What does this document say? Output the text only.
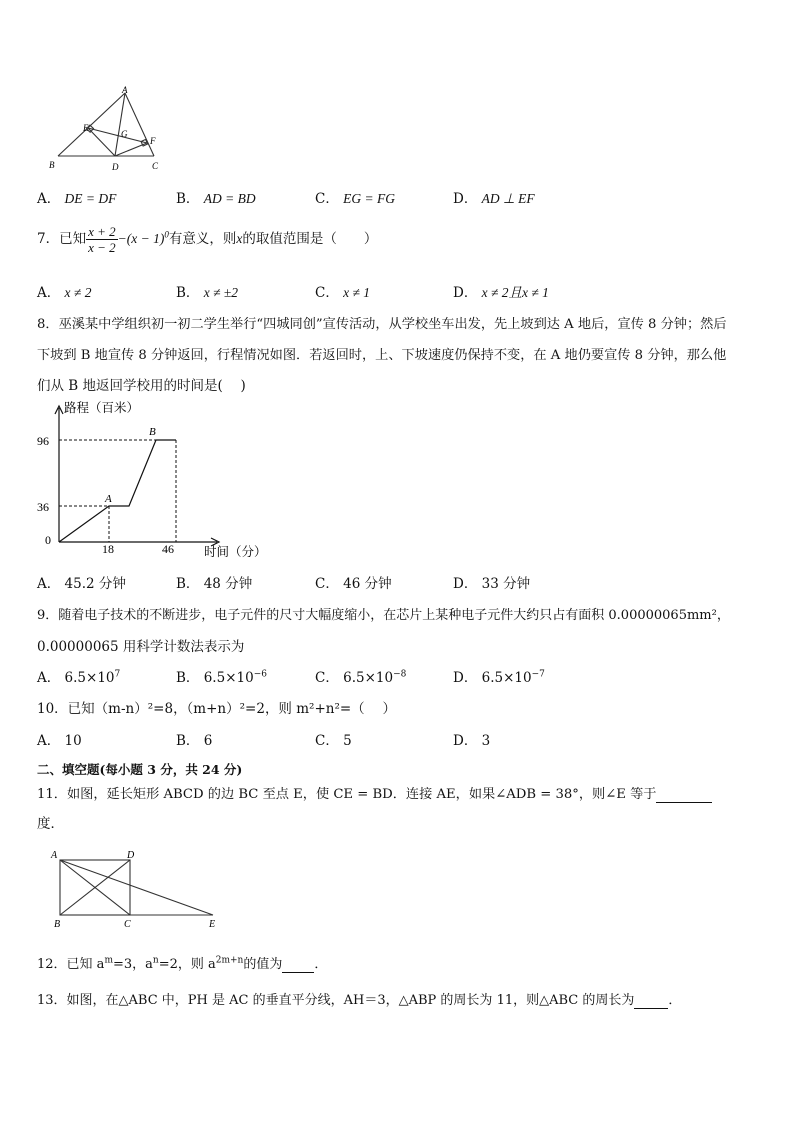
A
B	C
D
E
F
G
A． DE = DF	B． AD = BD	C． EG = FG	D． AD ⊥ EF
7．已知 $\frac{x + 2}{x - 2} -(x - 1)^0$有意义，则x的取值范围是（　　）
A． x ≠ 2	B． x ≠ ±2	C． x ≠ 1	D． x ≠ 2且x ≠ 1
8．巫溪某中学组织初一初二学生举行“四城同创”宣传活动，从学校坐车出发，先上坡到达 A 地后，宣传 8 分钟；然后
下坡到 B 地宣传 8 分钟返回，行程情况如图．若返回时，上、下坡速度仍保持不变，在 A 地仍要宣传 8 分钟，那么他
们从 B 地返回学校用的时间是(　 )
路程（百米）
96
36
0
18	46 时间（分）
A
B
A． 45.2 分钟	B． 48 分钟	C． 46 分钟	D． 33 分钟
9．随着电子技术的不断进步，电子元件的尺寸大幅度缩小，在芯片上某种电子元件大约只占有面积 0.00000065mm²，
0.00000065 用科学计数法表示为
A． $6.5\times 10^7$	B． $6.5\times 10^{-6}$	C． $6.5\times 10^{-8}$	D． $6.5\times 10^{-7}$
10．已知（m-n）²=8，（m+n）²=2，则 m²+n²=（　 ）
A． 10	B． 6	C． 5	D． 3
二、填空题(每小题 3 分，共 24 分)
11．如图，延长矩形 ABCD 的边 BC 至点 E，使 CE = BD．连接 AE，如果∠ADB = 38°，则∠E 等于
度．
A	D
B	C	E
12．已知 $a^m=3$，$a^n=2$，则 $a^{2m+n}$的值为 ．
13．如图，在△ABC 中，PH 是 AC 的垂直平分线，AH＝3，△ABP 的周长为 11，则△ABC 的周长为	．
